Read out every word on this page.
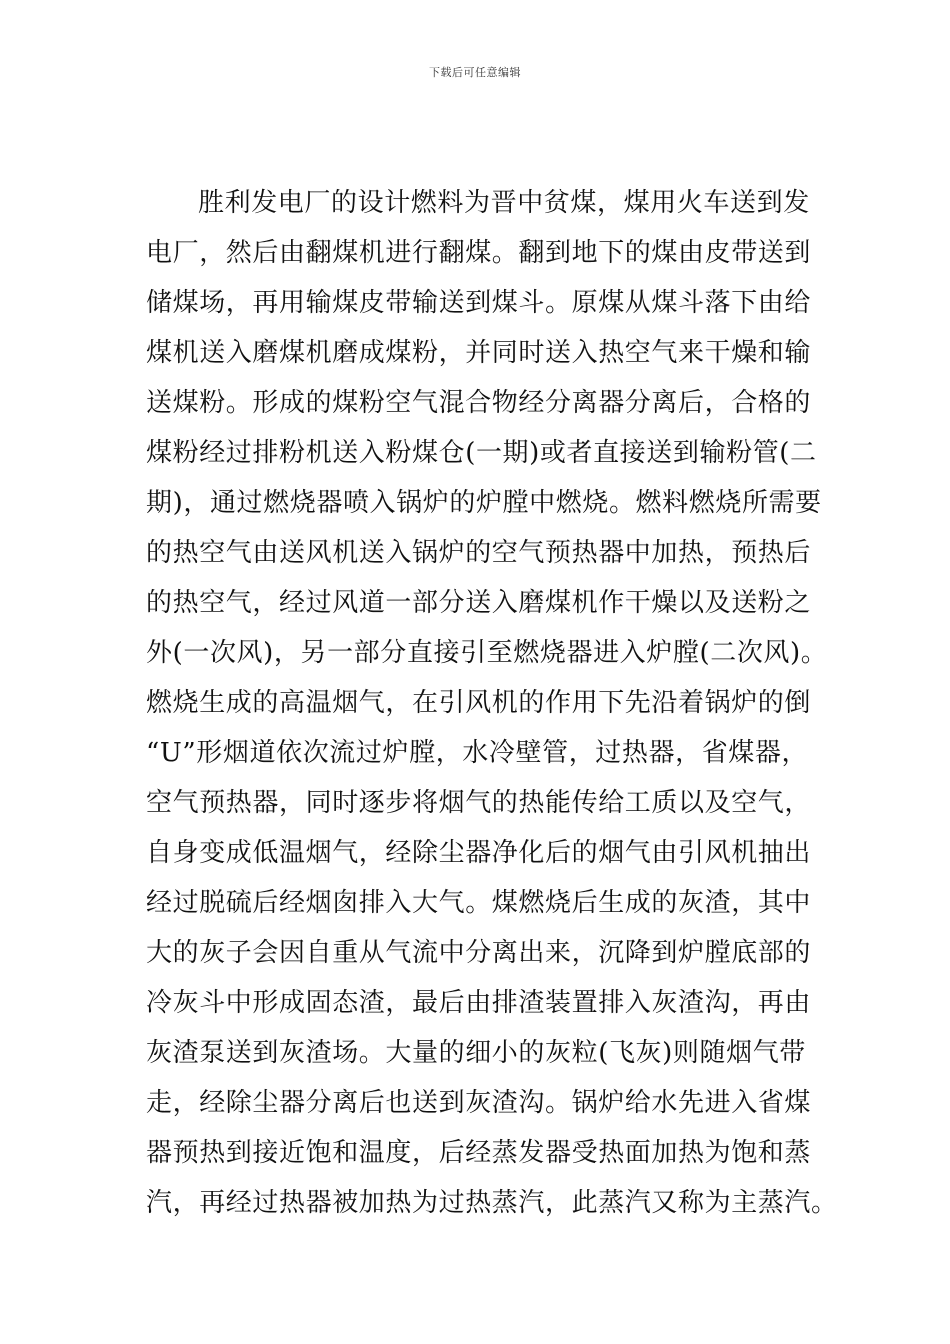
下载后可任意编辑
胜利发电厂的设计燃料为晋中贫煤，煤用火车送到发
电厂，然后由翻煤机进行翻煤。翻到地下的煤由皮带送到
储煤场，再用输煤皮带输送到煤斗。原煤从煤斗落下由给
煤机送入磨煤机磨成煤粉，并同时送入热空气来干燥和输
送煤粉。形成的煤粉空气混合物经分离器分离后，合格的
煤粉经过排粉机送入粉煤仓(一期)或者直接送到输粉管(二
期)，通过燃烧器喷入锅炉的炉膛中燃烧。燃料燃烧所需要
的热空气由送风机送入锅炉的空气预热器中加热，预热后
的热空气，经过风道一部分送入磨煤机作干燥以及送粉之
外(一次风)，另一部分直接引至燃烧器进入炉膛(二次风)。
燃烧生成的高温烟气，在引风机的作用下先沿着锅炉的倒
“U”形烟道依次流过炉膛，水冷壁管，过热器，省煤器，
空气预热器，同时逐步将烟气的热能传给工质以及空气，
自身变成低温烟气，经除尘器净化后的烟气由引风机抽出
经过脱硫后经烟囱排入大气。煤燃烧后生成的灰渣，其中
大的灰子会因自重从气流中分离出来，沉降到炉膛底部的
冷灰斗中形成固态渣，最后由排渣装置排入灰渣沟，再由
灰渣泵送到灰渣场。大量的细小的灰粒(飞灰)则随烟气带
走，经除尘器分离后也送到灰渣沟。锅炉给水先进入省煤
器预热到接近饱和温度，后经蒸发器受热面加热为饱和蒸
汽，再经过热器被加热为过热蒸汽，此蒸汽又称为主蒸汽。
